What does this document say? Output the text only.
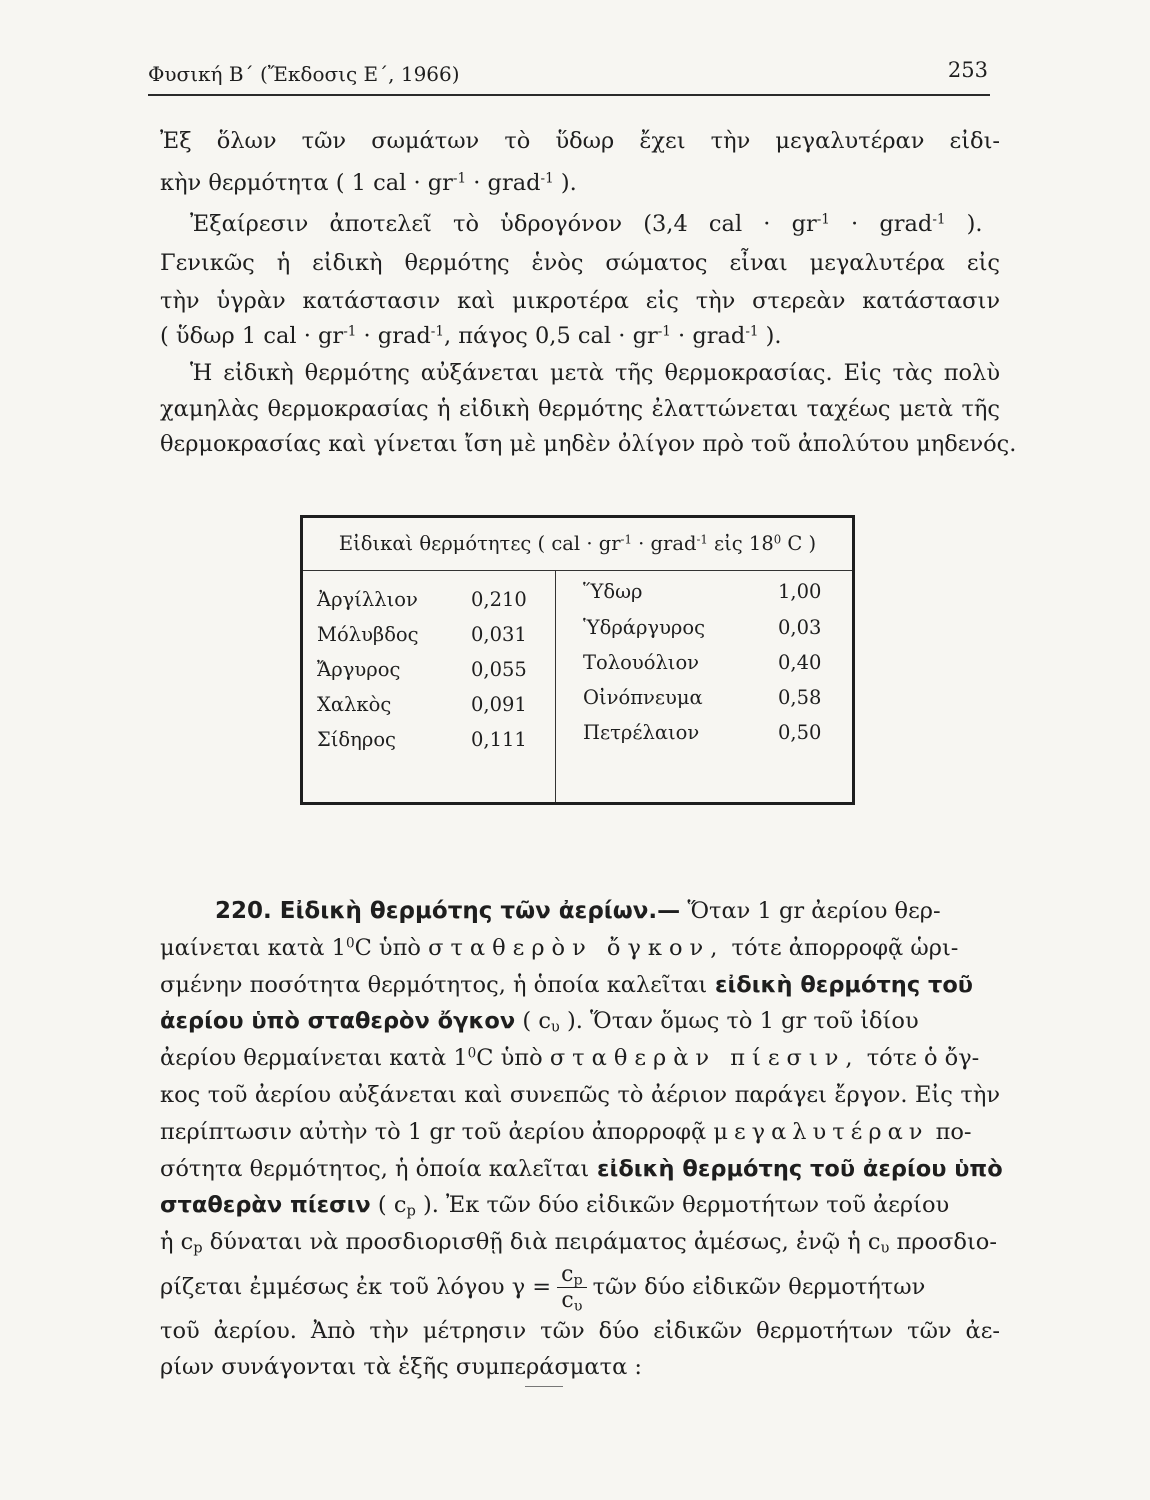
Φυσική Β΄ (Ἔκδοσις Ε΄, 1966)	253
Ἐξ ὅλων τῶν σωμάτων τὸ ὕδωρ ἔχει τὴν μεγαλυτέραν εἰδι-
κὴν θερμότητα ( 1 cal · $gr^{-1}$ · grad$^{-1}$ ).
Ἐξαίρεσιν ἀποτελεῖ τὸ ὑδρογόνον (3,4 cal · $gr^{-1}$ · grad$^{-1}$ ).
Γενικῶς ἡ εἰδικὴ θερμότης ἑνὸς σώματος εἶναι μεγαλυτέρα εἰς
τὴν ὑγρὰν κατάστασιν καὶ μικροτέρα εἰς τὴν στερεὰν κατάστασιν
( ὕδωρ 1 cal · $gr^{-1}$ · grad$^{-1}$, πάγος 0,5 cal · $gr^{-1}$ · grad$^{-1}$ ).
Ἡ εἰδικὴ θερμότης αὐξάνεται μετὰ τῆς θερμοκρασίας. Εἰς τὰς πολὺ
χαμηλὰς θερμοκρασίας ἡ εἰδικὴ θερμότης ἐλαττώνεται ταχέως μετὰ τῆς
θερμοκρασίας καὶ γίνεται ἴση μὲ μηδὲν ὀλίγον πρὸ τοῦ ἀπολύτου μηδενός.
Εἰδικαὶ θερμότητες ( cal · $gr^{-1}$ · grad$^{-1}$ εἰς $18^0$ C )
Ἀργίλλιον	0,210
Μόλυβδος	0,031
Ἄργυρος	0,055
Χαλκὸς	0,091
Σίδηρος	0,111
Ὕδωρ	1,00
Ὑδράργυρος	0,03
Τολουόλιον	0,40
Οἰνόπνευμα	0,58
Πετρέλαιον	0,50
220. Εἰδικὴ θερμότης τῶν ἀερίων.— Ὅταν 1 gr ἀερίου θερ-
μαίνεται κατὰ $1^0C$ ὑπὸ σταθερὸν ὄγκον, τότε ἀπορροφᾷ ὡρι-
σμένην ποσότητα θερμότητος, ἡ ὁποία καλεῖται εἰδικὴ θερμότης τοῦ
ἀερίου ὑπὸ σταθερὸν ὄγκον ( $c_\upsilon$ ). Ὅταν ὅμως τὸ 1 gr τοῦ ἰδίου
ἀερίου θερμαίνεται κατὰ $1^0C$ ὑπὸ σταθερὰν πίεσιν, τότε ὁ ὄγ-
κος τοῦ ἀερίου αὐξάνεται καὶ συνεπῶς τὸ ἀέριον παράγει ἔργον. Εἰς τὴν
περίπτωσιν αὐτὴν τὸ 1 gr τοῦ ἀερίου ἀπορροφᾷ μεγαλυτέραν πο-
σότητα θερμότητος, ἡ ὁποία καλεῖται εἰδικὴ θερμότης τοῦ ἀερίου ὑπὸ
σταθερὰν πίεσιν ( $c_p$ ). Ἐκ τῶν δύο εἰδικῶν θερμοτήτων τοῦ ἀερίου
ἡ $c_p$ δύναται νὰ προσδιορισθῇ διὰ πειράματος ἀμέσως, ἐνῷ ἡ $c_\upsilon$ προσδιο-
ρίζεται ἐμμέσως ἐκ τοῦ λόγου $\gamma = \frac{c_p}{c_\upsilon}$ τῶν δύο εἰδικῶν θερμοτήτων
τοῦ ἀερίου. Ἀπὸ τὴν μέτρησιν τῶν δύο εἰδικῶν θερμοτήτων τῶν ἀε-
ρίων συνάγονται τὰ ἑξῆς συμπεράσματα :
